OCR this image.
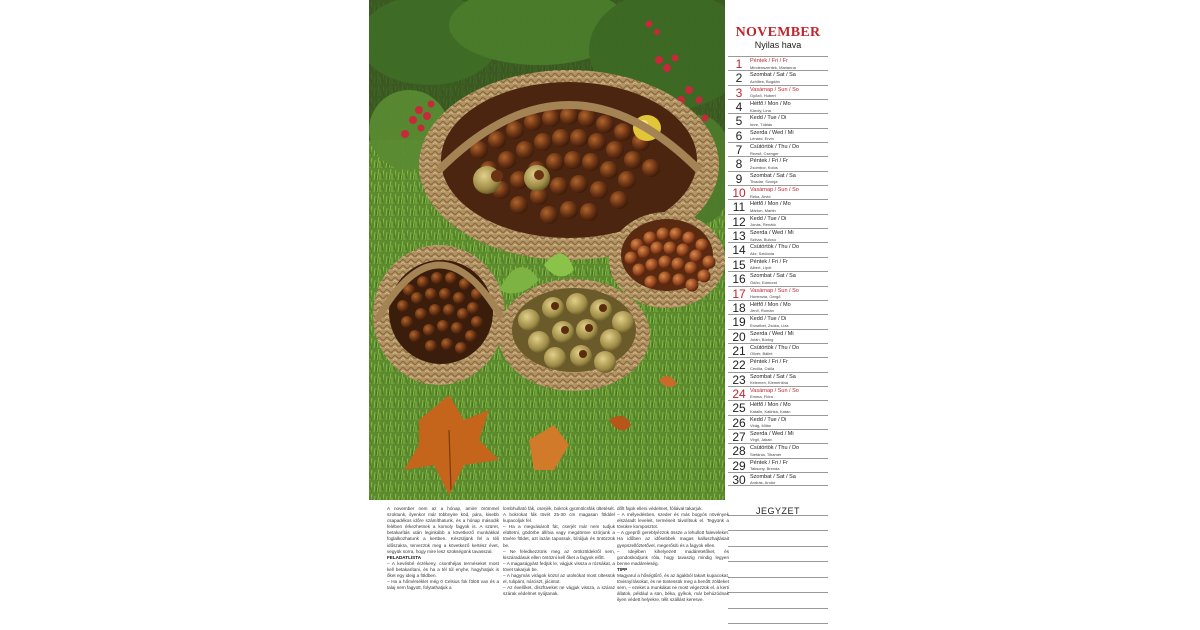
NOVEMBER
Nyilas hava
1	Péntek / Fri / Fr
Mindenszentek, Marianna
2	Szombat / Sat / Sa
Achilles, Bogdán
3	Vasárnap / Sun / So
Győző, Hubert
4	Hétfő / Mon / Mo
Károly, Lina
5	Kedd / Tue / Di
Imre, Tóbiás
6	Szerda / Wed / Mi
Lénárd, Ervin
7	Csütörtök / Thu / Do
Rezső, Csenger
8	Péntek / Fri / Fr
Zsombor, Kolos
9	Szombat / Sat / Sa
Tivadar, Szonja
10 Vasárnap / Sun / So
Réka, Arvid
11 Hétfő / Mon / Mo
Márton, Martin
12 Kedd / Tue / Di
Jónás, Renátó
13 Szerda / Wed / Mi
Szilvia, Bulcsú
14 Csütörtök / Thu / Do
Aliz, Szidónia
15 Péntek / Fri / Fr
Albert, Lipót
16 Szombat / Sat / Sa
Ödön, Edmund
17 Vasárnap / Sun / So
Hortenzia, Gergő
18 Hétfő / Mon / Mo
Jenő, Román
19 Kedd / Tue / Di
Erzsébet, Zsóka, Liza
20 Szerda / Wed / Mi
Jolán, Bódog
21 Csütörtök / Thu / Do
Olivér, Bálint
22 Péntek / Fri / Fr
Cecília, Csilla
23 Szombat / Sat / Sa
Kelemen, Klementina
24 Vasárnap / Sun / So
Emma, Flóra
25 Hétfő / Mon / Mo
Katalin, Katinka, Katan
26 Kedd / Tue / Di
Virág, Milán
27 Szerda / Wed / Mi
Virgil, Jakab
28 Csütörtök / Thu / Do
Stefánia, Tihamér
29 Péntek / Fri / Fr
Taksony, Brenda
30 Szombat / Sat / Sa
András, Andor
JEGYZET

A november nem az a hónap, amire örömmel szoktunk, ilyenkor már többnyire köd, pára, kisebb csapadékos időre számíthatunk, és a hónap második felében érkezhetnek a komoly fagyok is. A szüret, betakarítás után leginkább a következő munkákkal foglalkozhatunk a kertben. Készüljünk fel a téli időszakra, tervezzük meg a következő kertész évet, vegyük sorra, hogy mire lesz szükségünk tavasszal.

FELADATLISTA

– A kevésbé érzékeny, csonthéjas terméseket most kell betakarítani, és ha a tél túl enyhe, hagyhatjuk is őket egy ideig a földben.

– Ha a hőmérséklet még 0 Celsius fok fölött van és a talaj nem fagyott, folytathatjuk a

lombhullató fák, cserjék, bokrok gyümölcsfák ültetését. A bokrokat fák tövét 25-30 cm magasan földdel kupacoljuk fel.

– Ha a megvásárolt fát, cserjét már nem tudjuk elültetni, gödörbe állítva vagy megdöntve szórjunk a tövére földet, azt lazán tapossuk, bíráljuk és öntözzük be.

– Ne feledkezzünk meg az örökzöldekről sem, kiszáradásuk ellen öntözni kell őket a fagyok előtt.

– A magaságyást fedjük le, vágjuk vissza a rózsákat, a tövet takarjuk be.

– A hagymás virágok közül az utolsókat most ültessük el, tulipánt, nárciszt, jácintot.

– Az évelőket, díszfüveket ne vágjuk vissza, a száraz szárak védelmet nyújtanak.

dőlt fajok elleni védelmet, fóliával takarjuk.

– A mélyedésben, szeder és más bogyós növények elszáradt leveleit, terméseit távolítsuk el. Tegyünk a tövükre komposztot.

– A gyepről gereblyézzük össze a lehullott faleveleket. Ha időben az idősebbek magas kalluszhajtásait gyepszellőztetővel, megerősíti és a fagyok ellen.

– Idejében kihelyezett madáretetőket, és gondoskodjunk róla, hogy tavaszig mindig legyen benne madáreleség.

TIPP

Magyarul a hőségtűrő, és az ágakból takart kupacokat, tövisnyírásokat, és ne tüntessük meg a benőtt zöldeket sem, – ezeket a munkákat ne most végezzük el, a kerti állatok, például a sün, béka, gyíkok, már behúzódnak ilyen védett helyekre, télit szállást keresve.
